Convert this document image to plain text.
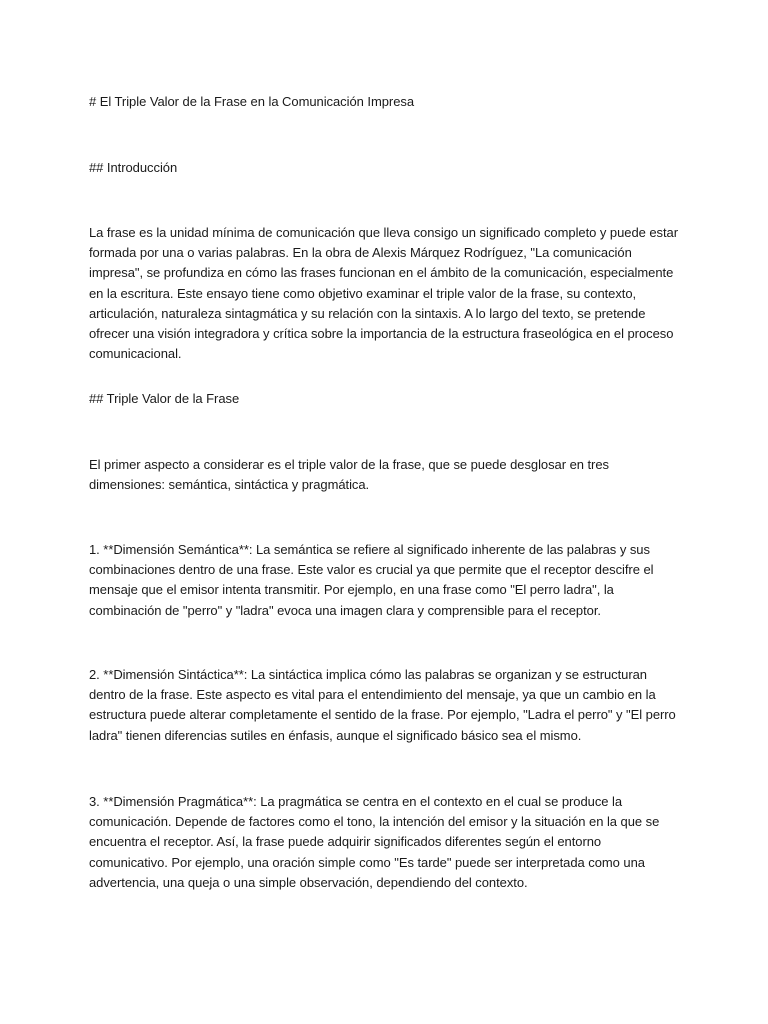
# El Triple Valor de la Frase en la Comunicación Impresa

## Introducción

La frase es la unidad mínima de comunicación que lleva consigo un significado completo y puede estar formada por una o varias palabras. En la obra de Alexis Márquez Rodríguez, "La comunicación impresa", se profundiza en cómo las frases funcionan en el ámbito de la comunicación, especialmente en la escritura. Este ensayo tiene como objetivo examinar el triple valor de la frase, su contexto, articulación, naturaleza sintagmática y su relación con la sintaxis. A lo largo del texto, se pretende ofrecer una visión integradora y crítica sobre la importancia de la estructura fraseológica en el proceso comunicacional.

## Triple Valor de la Frase

El primer aspecto a considerar es el triple valor de la frase, que se puede desglosar en tres dimensiones: semántica, sintáctica y pragmática.

1. **Dimensión Semántica**: La semántica se refiere al significado inherente de las palabras y sus combinaciones dentro de una frase. Este valor es crucial ya que permite que el receptor descifre el mensaje que el emisor intenta transmitir. Por ejemplo, en una frase como "El perro ladra", la combinación de "perro" y "ladra" evoca una imagen clara y comprensible para el receptor.

2. **Dimensión Sintáctica**: La sintáctica implica cómo las palabras se organizan y se estructuran dentro de la frase. Este aspecto es vital para el entendimiento del mensaje, ya que un cambio en la estructura puede alterar completamente el sentido de la frase. Por ejemplo, "Ladra el perro" y "El perro ladra" tienen diferencias sutiles en énfasis, aunque el significado básico sea el mismo.

3. **Dimensión Pragmática**: La pragmática se centra en el contexto en el cual se produce la comunicación. Depende de factores como el tono, la intención del emisor y la situación en la que se encuentra el receptor. Así, la frase puede adquirir significados diferentes según el entorno comunicativo. Por ejemplo, una oración simple como "Es tarde" puede ser interpretada como una advertencia, una queja o una simple observación, dependiendo del contexto.
